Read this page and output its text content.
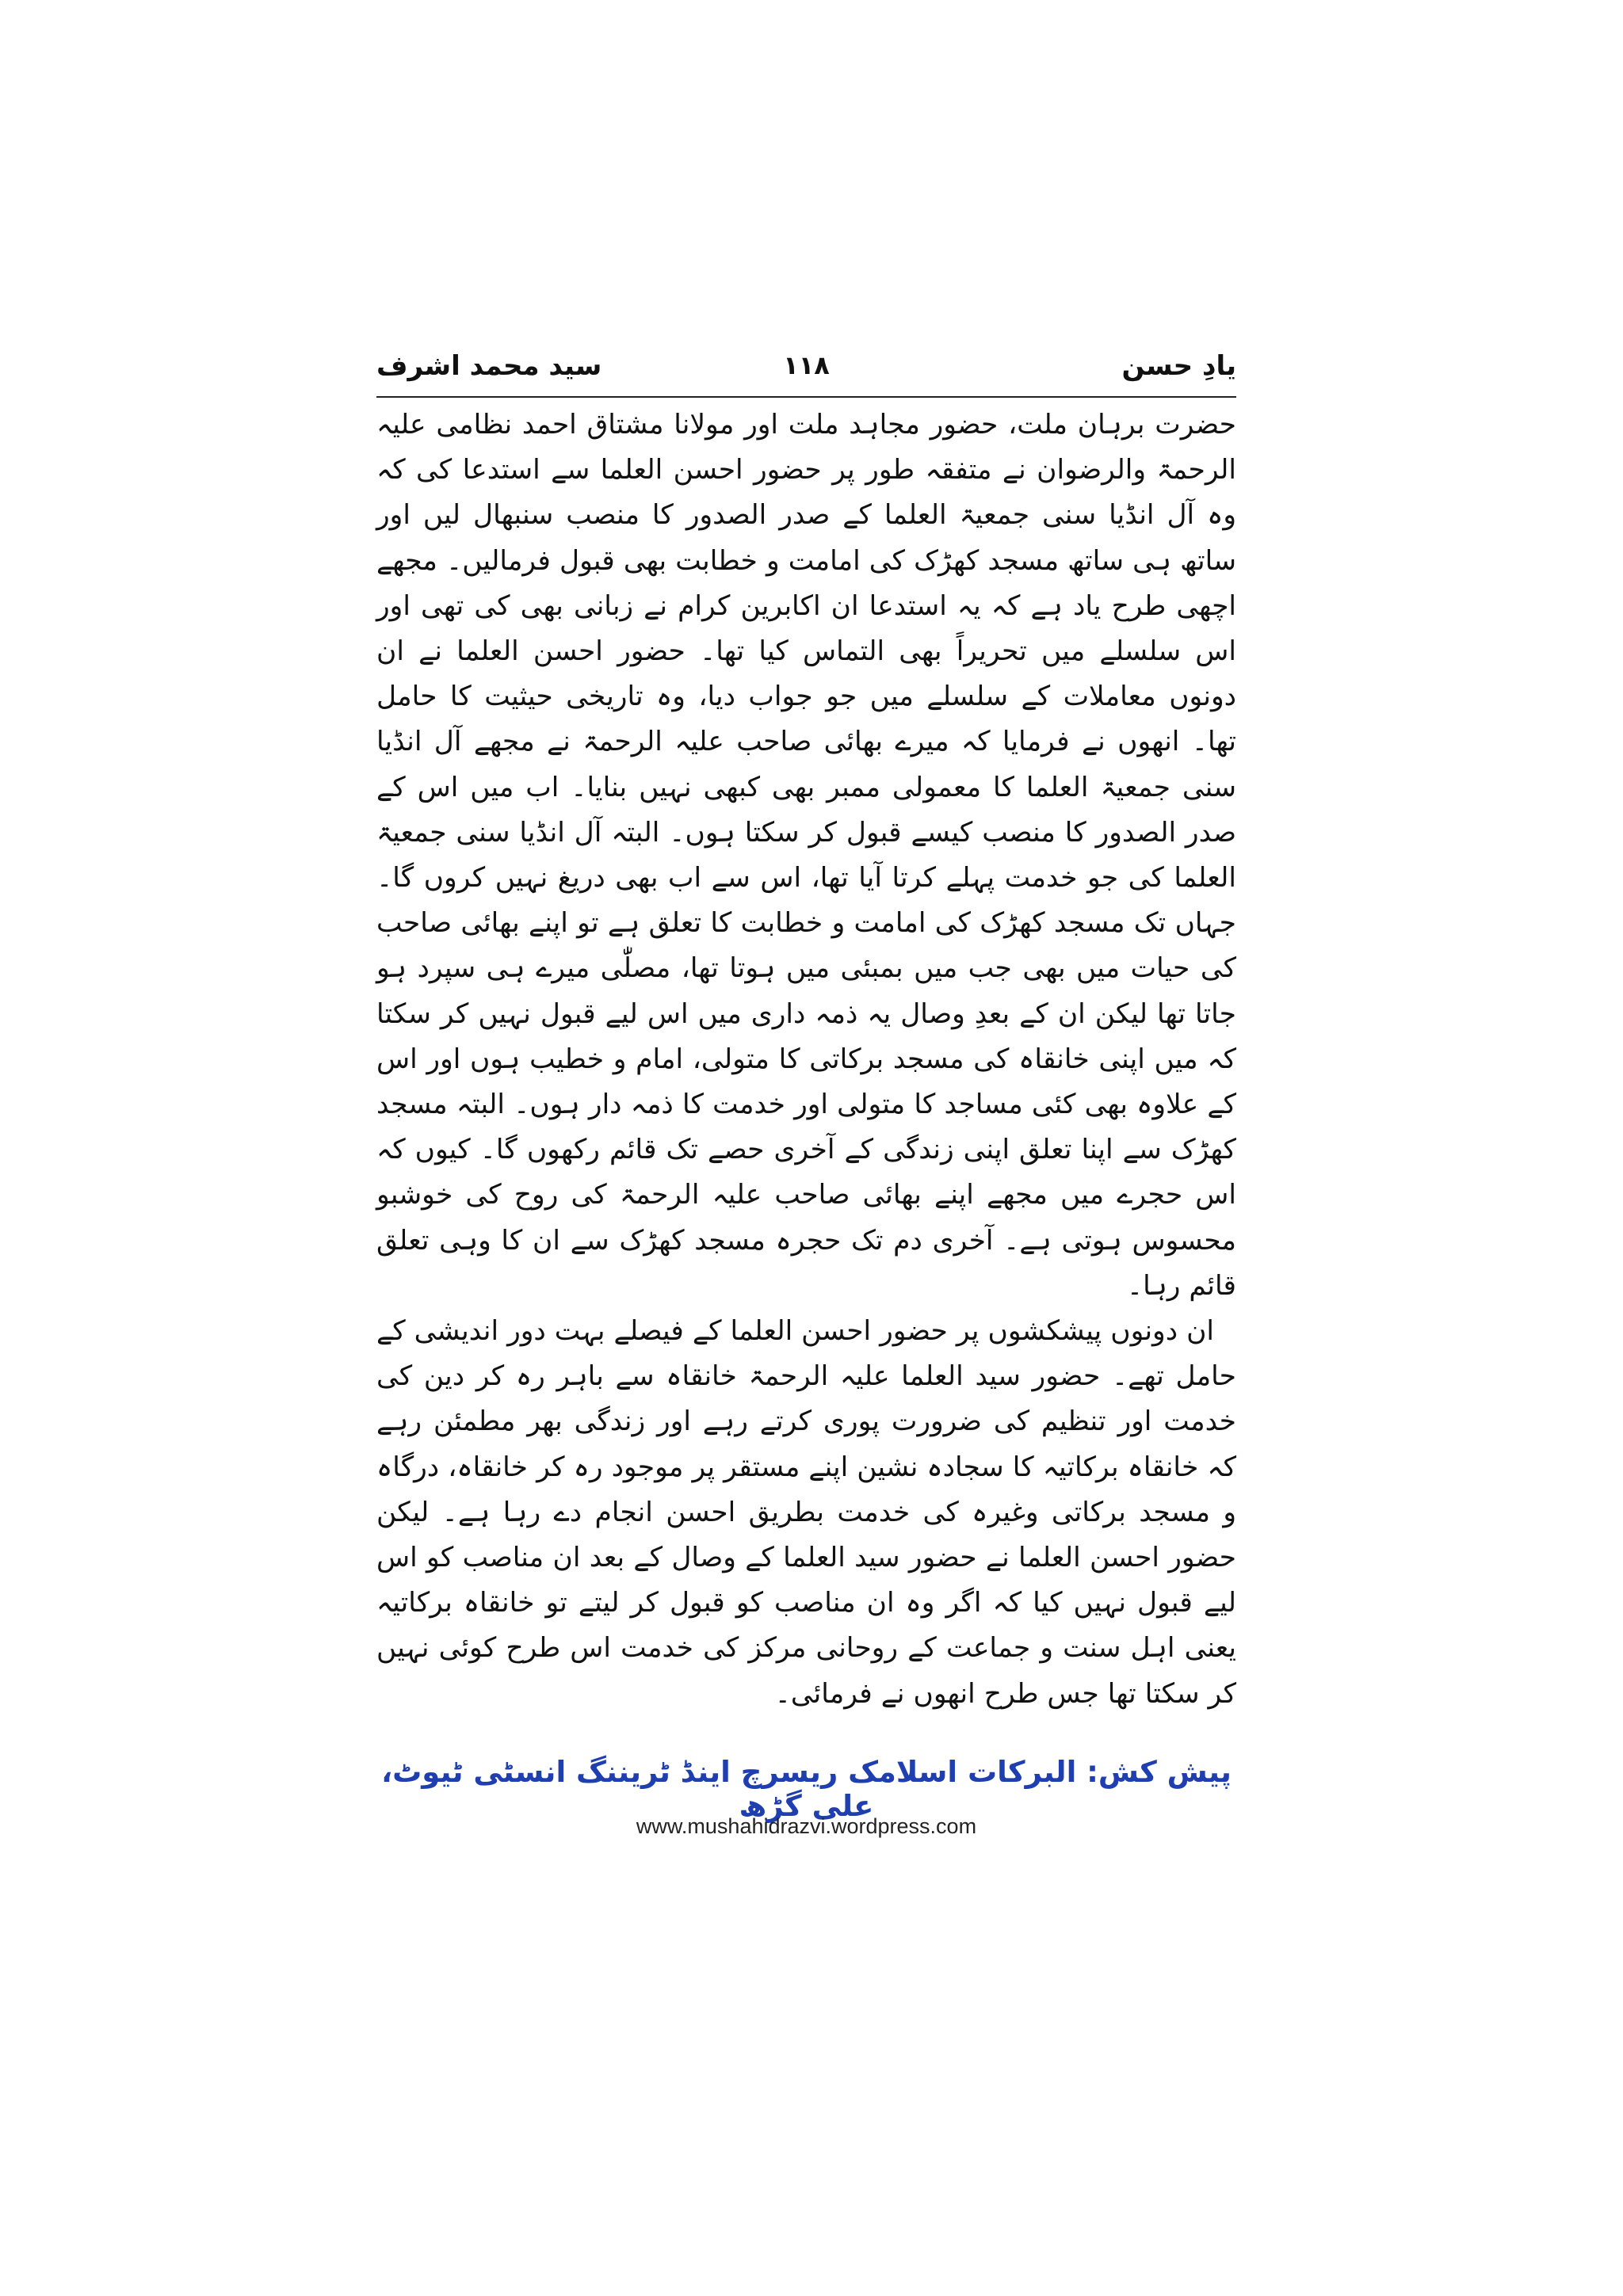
یادِ حسن
۱۱۸
سید محمد اشرف

حضرت برہان ملت، حضور مجاہد ملت اور مولانا مشتاق احمد نظامی علیہ الرحمۃ والرضوان نے متفقہ طور پر حضور احسن العلما سے استدعا کی کہ وہ آل انڈیا سنی جمعیۃ العلما کے صدر الصدور کا منصب سنبھال لیں اور ساتھ ہی ساتھ مسجد کھڑک کی امامت و خطابت بھی قبول فرمالیں۔ مجھے اچھی طرح یاد ہے کہ یہ استدعا ان اکابرین کرام نے زبانی بھی کی تھی اور اس سلسلے میں تحریراً بھی التماس کیا تھا۔ حضور احسن العلما نے ان دونوں معاملات کے سلسلے میں جو جواب دیا، وہ تاریخی حیثیت کا حامل تھا۔ انھوں نے فرمایا کہ میرے بھائی صاحب علیہ الرحمۃ نے مجھے آل انڈیا سنی جمعیۃ العلما کا معمولی ممبر بھی کبھی نہیں بنایا۔ اب میں اس کے صدر الصدور کا منصب کیسے قبول کر سکتا ہوں۔ البتہ آل انڈیا سنی جمعیۃ العلما کی جو خدمت پہلے کرتا آیا تھا، اس سے اب بھی دریغ نہیں کروں گا۔ جہاں تک مسجد کھڑک کی امامت و خطابت کا تعلق ہے تو اپنے بھائی صاحب کی حیات میں بھی جب میں بمبئی میں ہوتا تھا، مصلّٰی میرے ہی سپرد ہو جاتا تھا لیکن ان کے بعدِ وصال یہ ذمہ داری میں اس لیے قبول نہیں کر سکتا کہ میں اپنی خانقاہ کی مسجد برکاتی کا متولی، امام و خطیب ہوں اور اس کے علاوہ بھی کئی مساجد کا متولی اور خدمت کا ذمہ دار ہوں۔ البتہ مسجد کھڑک سے اپنا تعلق اپنی زندگی کے آخری حصے تک قائم رکھوں گا۔ کیوں کہ اس حجرے میں مجھے اپنے بھائی صاحب علیہ الرحمۃ کی روح کی خوشبو محسوس ہوتی ہے۔ آخری دم تک حجرہ مسجد کھڑک سے ان کا وہی تعلق قائم رہا۔

ان دونوں پیشکشوں پر حضور احسن العلما کے فیصلے بہت دور اندیشی کے حامل تھے۔ حضور سید العلما علیہ الرحمۃ خانقاہ سے باہر رہ کر دین کی خدمت اور تنظیم کی ضرورت پوری کرتے رہے اور زندگی بھر مطمئن رہے کہ خانقاہ برکاتیہ کا سجادہ نشین اپنے مستقر پر موجود رہ کر خانقاہ، درگاہ و مسجد برکاتی وغیرہ کی خدمت بطریق احسن انجام دے رہا ہے۔ لیکن حضور احسن العلما نے حضور سید العلما کے وصال کے بعد ان مناصب کو اس لیے قبول نہیں کیا کہ اگر وہ ان مناصب کو قبول کر لیتے تو خانقاہ برکاتیہ یعنی اہل سنت و جماعت کے روحانی مرکز کی خدمت اس طرح کوئی نہیں کر سکتا تھا جس طرح انھوں نے فرمائی۔

پیش کش: البرکات اسلامک ریسرچ اینڈ ٹریننگ انسٹی ٹیوٹ، علی گڑھ
www.mushahidrazvi.wordpress.com
